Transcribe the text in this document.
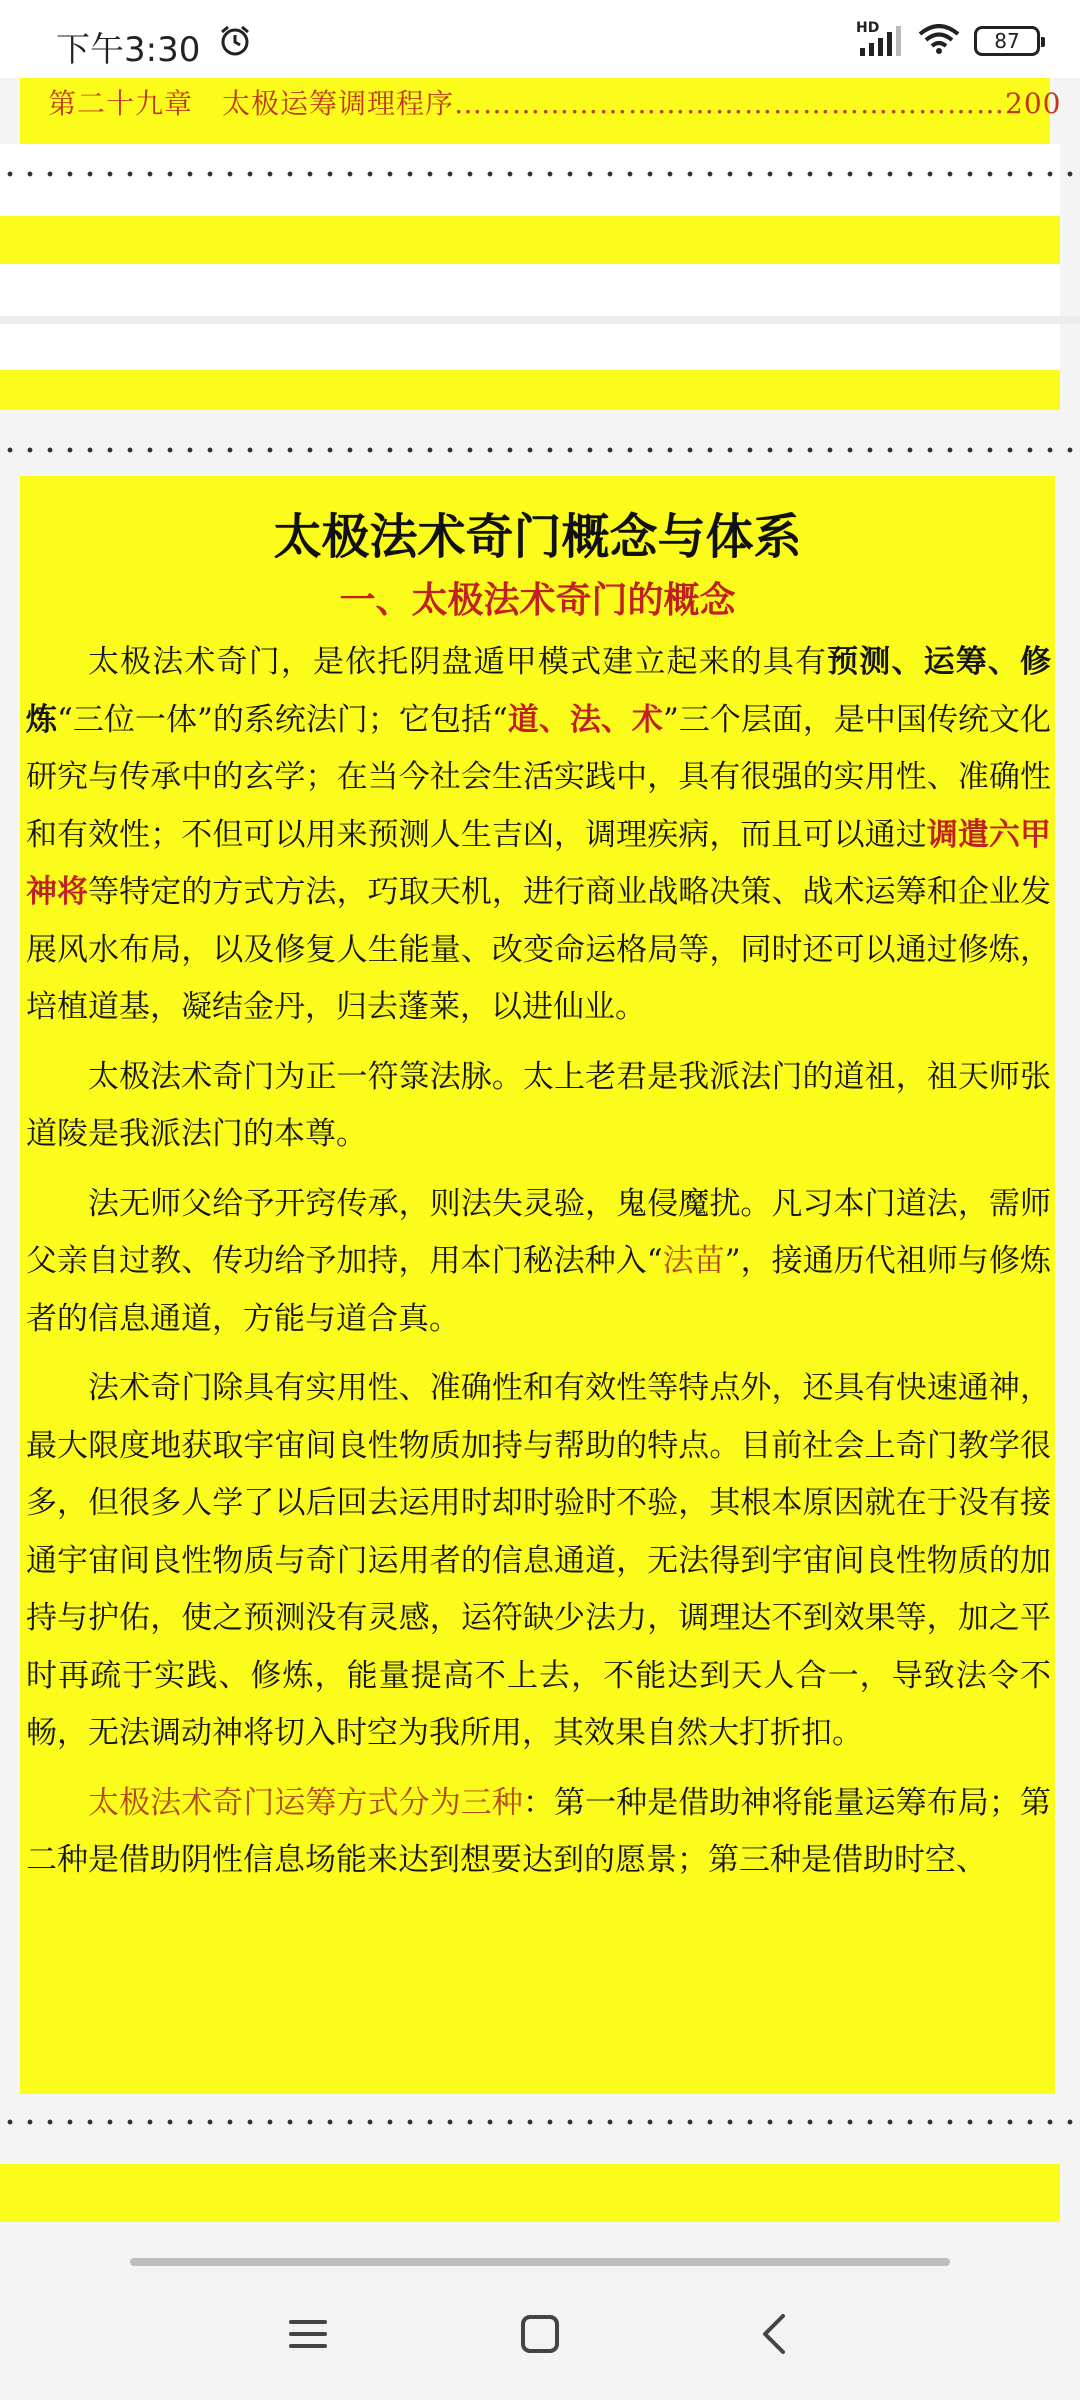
下午3:30
HD
87
第二十九章　太极运筹调理程序…………………………………………………200
太极法术奇门概念与体系
一、太极法术奇门的概念

太极法术奇门，是依托阴盘遁甲模式建立起来的具有预测、运筹、修炼“三位一体”的系统法门；它包括“道、法、术”三个层面，是中国传统文化研究与传承中的玄学；在当今社会生活实践中，具有很强的实用性、准确性和有效性；不但可以用来预测人生吉凶，调理疾病，而且可以通过调遣六甲神将等特定的方式方法，巧取天机，进行商业战略决策、战术运筹和企业发展风水布局，以及修复人生能量、改变命运格局等，同时还可以通过修炼，培植道基，凝结金丹，归去蓬莱，以进仙业。

太极法术奇门为正一符箓法脉。太上老君是我派法门的道祖，祖天师张道陵是我派法门的本尊。

法无师父给予开窍传承，则法失灵验，鬼侵魔扰。凡习本门道法，需师父亲自过教、传功给予加持，用本门秘法种入“法苗”，接通历代祖师与修炼者的信息通道，方能与道合真。

法术奇门除具有实用性、准确性和有效性等特点外，还具有快速通神，最大限度地获取宇宙间良性物质加持与帮助的特点。目前社会上奇门教学很多，但很多人学了以后回去运用时却时验时不验，其根本原因就在于没有接通宇宙间良性物质与奇门运用者的信息通道，无法得到宇宙间良性物质的加持与护佑，使之预测没有灵感，运符缺少法力，调理达不到效果等，加之平时再疏于实践、修炼，能量提高不上去，不能达到天人合一，导致法令不畅，无法调动神将切入时空为我所用，其效果自然大打折扣。

太极法术奇门运筹方式分为三种：第一种是借助神将能量运筹布局；第二种是借助阴性信息场能来达到想要达到的愿景；第三种是借助时空、
